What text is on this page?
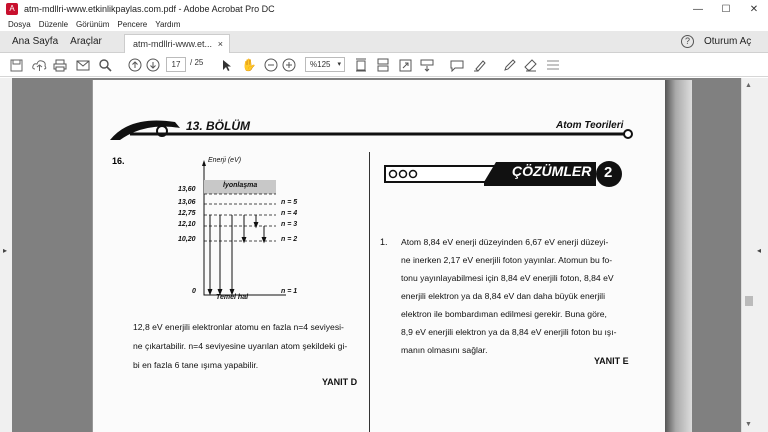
A	atm-mdllri-www.etkinlikpaylas.com.pdf - Adobe Acrobat Pro DC	—	☐	✕
Dosya Düzenle Görünüm Pencere Yardım
Ana Sayfa Araçlar	atm-mdllri-www.et... ×	?	Oturum Aç
✋
17	/ 25	%125 ▾
▸
▲
▼
◂
13. BÖLÜM	Atom Teorileri
16.	Enerji (eV)
İyonlaşma
Temel hal
13,60
13,06
12,75
12,10
10,20
0
n = 5
n = 4
n = 3
n = 2
n = 1
12,8 eV enerjili elektronlar atomu en fazla n=4 seviyesi-
ne çıkartabilir. n=4 seviyesine uyarılan atom şekildeki gi-
bi en fazla 6 tane ışıma yapabilir.
YANIT D
ÇÖZÜMLER 2
1. Atom 8,84 eV enerji düzeyinden 6,67 eV enerji düzeyi-
ne inerken 2,17 eV enerjili foton yayınlar. Atomun bu fo-
tonu yayınlayabilmesi için 8,84 eV enerjili foton, 8,84 eV
enerjili elektron ya da 8,84 eV dan daha büyük enerjili
elektron ile bombardıman edilmesi gerekir. Buna göre,
8,9 eV enerjili elektron ya da 8,84 eV enerjili foton bu ışı-
manın olmasını sağlar.
YANIT E
